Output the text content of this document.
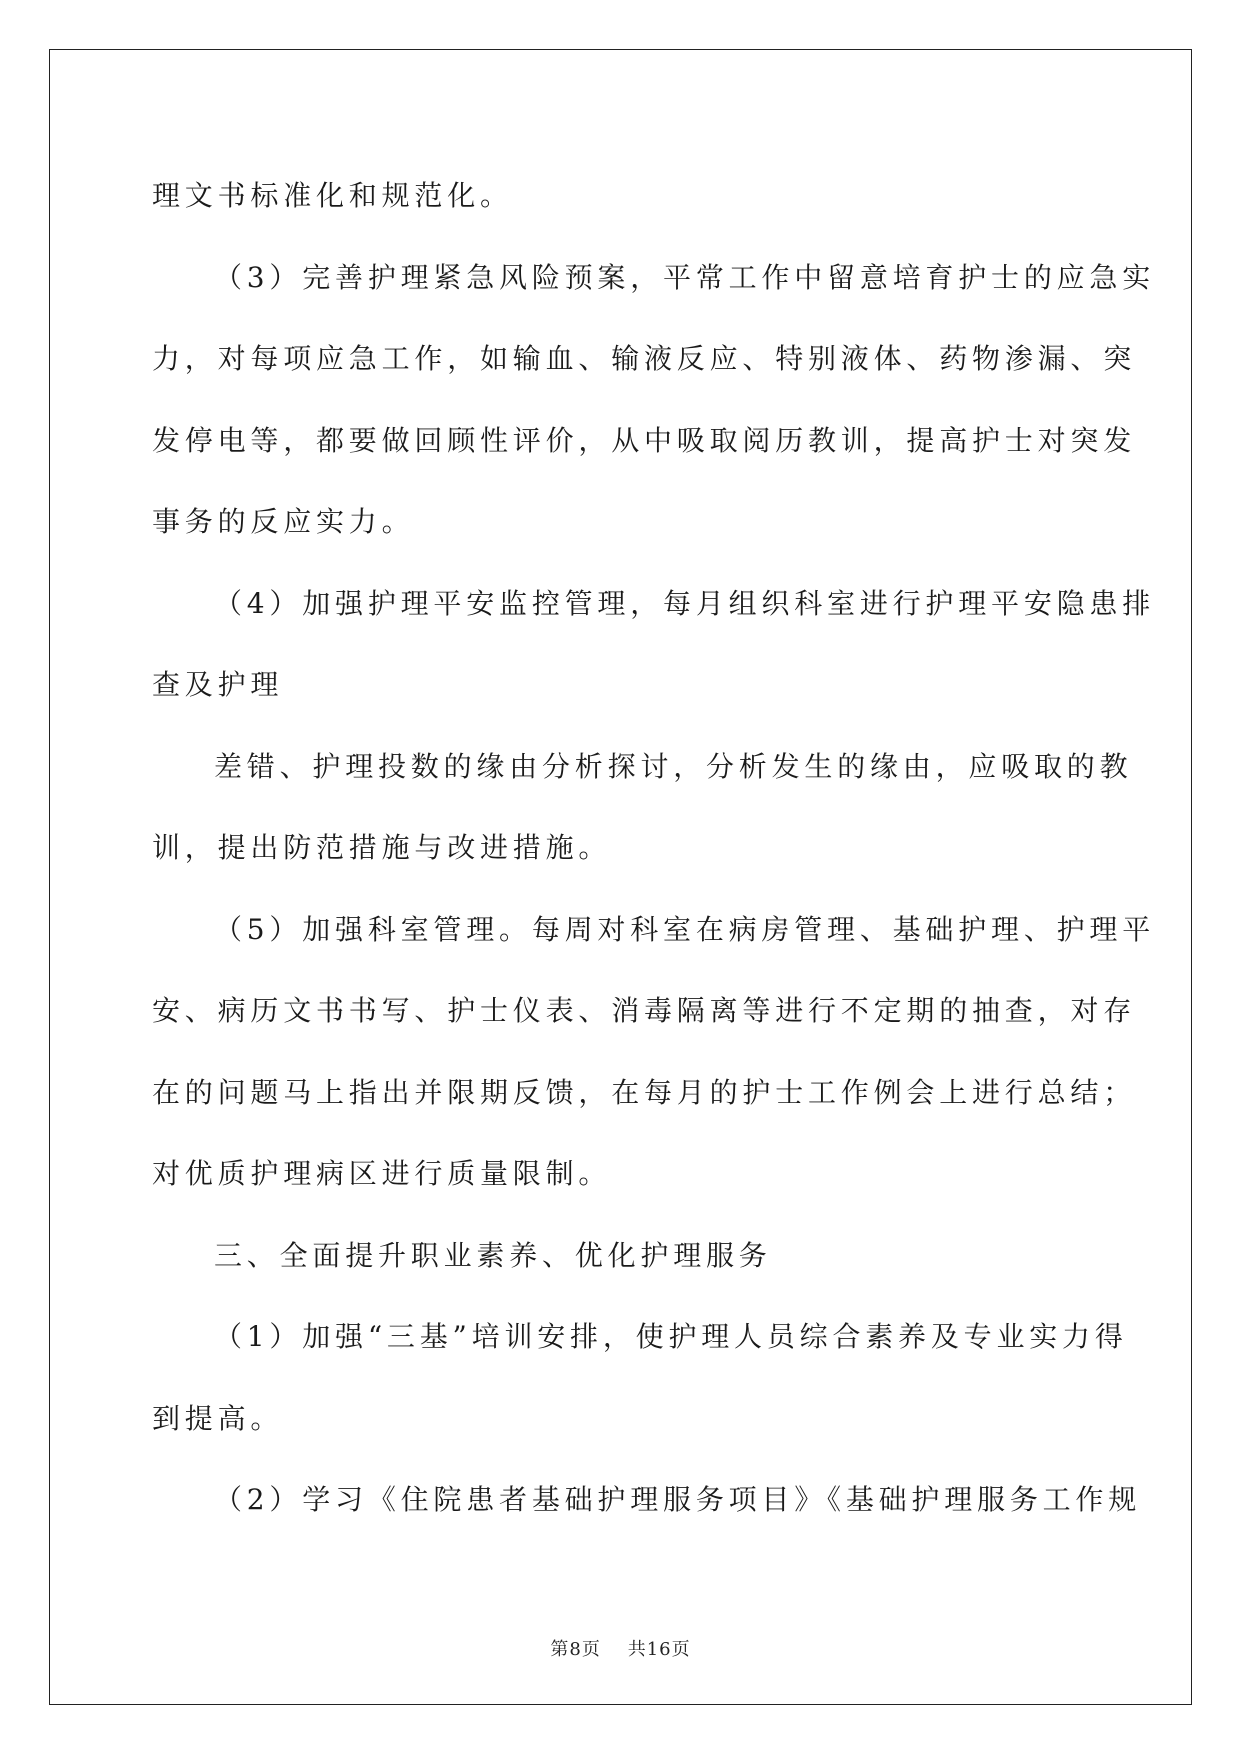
理文书标准化和规范化。
（3）完善护理紧急风险预案，平常工作中留意培育护士的应急实
力，对每项应急工作，如输血、输液反应、特别液体、药物渗漏、突
发停电等，都要做回顾性评价，从中吸取阅历教训，提高护士对突发
事务的反应实力。
（4）加强护理平安监控管理，每月组织科室进行护理平安隐患排
查及护理
差错、护理投数的缘由分析探讨，分析发生的缘由，应吸取的教
训，提出防范措施与改进措施。
（5）加强科室管理。每周对科室在病房管理、基础护理、护理平
安、病历文书书写、护士仪表、消毒隔离等进行不定期的抽查，对存
在的问题马上指出并限期反馈，在每月的护士工作例会上进行总结；
对优质护理病区进行质量限制。
三、全面提升职业素养、优化护理服务
（1）加强“三基”培训安排，使护理人员综合素养及专业实力得
到提高。
（2）学习《住院患者基础护理服务项目》《基础护理服务工作规
第8页 共16页
